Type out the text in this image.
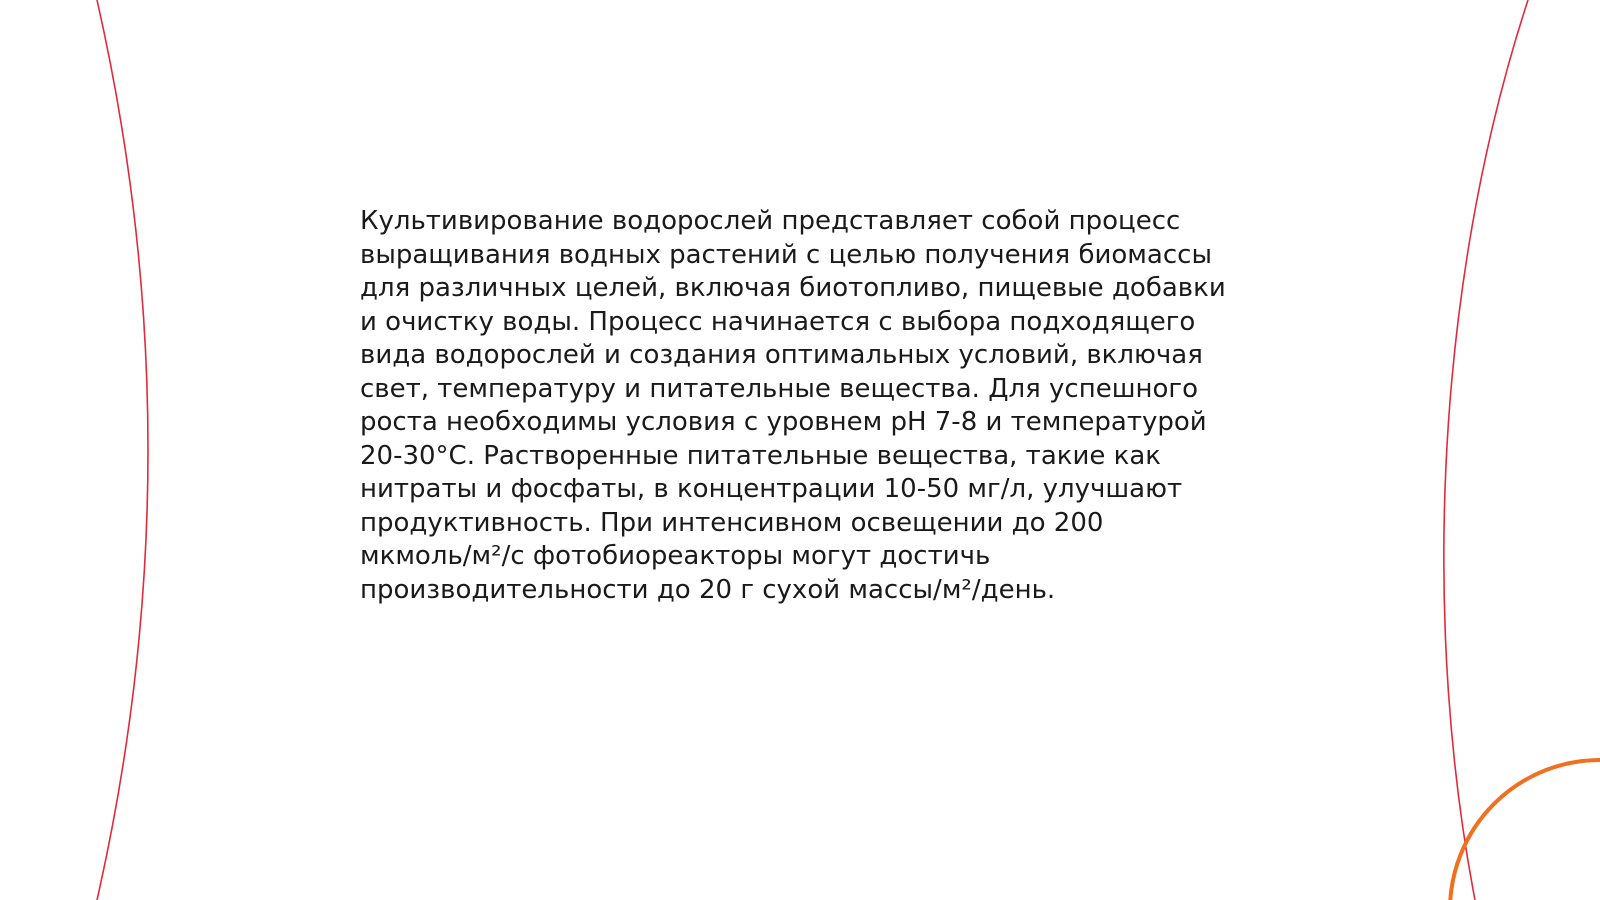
Культивирование водорослей представляет собой процесс
выращивания водных растений с целью получения биомассы
для различных целей, включая биотопливо, пищевые добавки
и очистку воды. Процесс начинается с выбора подходящего
вида водорослей и создания оптимальных условий, включая
свет, температуру и питательные вещества. Для успешного
роста необходимы условия с уровнем pH 7-8 и температурой
20-30°C. Растворенные питательные вещества, такие как
нитраты и фосфаты, в концентрации 10-50 мг/л, улучшают
продуктивность. При интенсивном освещении до 200
мкмоль/м²/с фотобиореакторы могут достичь
производительности до 20 г сухой массы/м²/день.
